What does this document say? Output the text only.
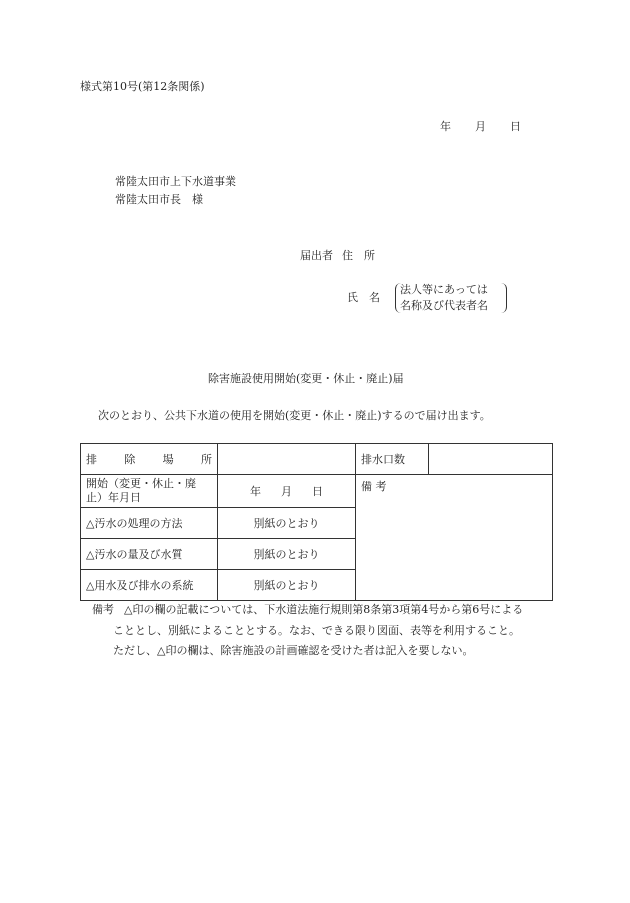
様式第10号(第12条関係)
年 月 日
常陸太田市上下水道事業
常陸太田市長　様
届出者 住　所
氏　名
法人等にあっては
名称及び代表者名
除害施設使用開始(変更・休止・廃止)届
次のとおり、公共下水道の使用を開始(変更・休止・廃止)するので届け出ます。
排 除 場 所		排水口数	
開始（変更・休止・廃止）年月日	年 月 日	備 考	
△汚水の処理の方法	別紙のとおり		
△汚水の量及び水質	別紙のとおり		
△用水及び排水の系統	別紙のとおり		
備考 △印の欄の記載については、下水道法施行規則第8条第3項第4号から第6号による
こととし、別紙によることとする。なお、できる限り図面、表等を利用すること。
ただし、△印の欄は、除害施設の計画確認を受けた者は記入を要しない。
